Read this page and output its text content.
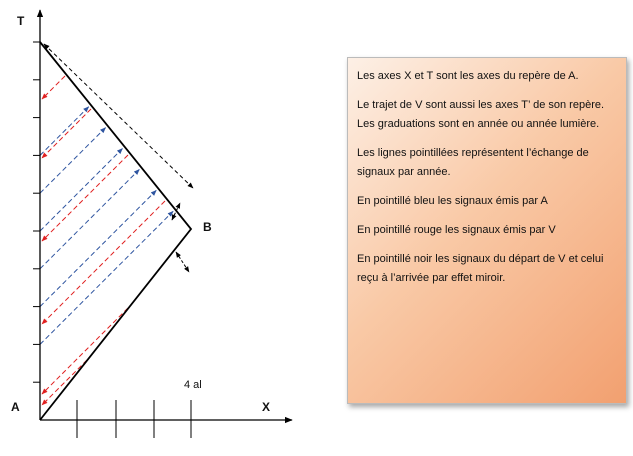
T
X
A
B
4 al

Les axes X et T sont les axes du repère de A.

Le trajet de V sont aussi les axes T’ de son repère. Les graduations sont en année ou année lumière.

Les lignes pointillées représentent l’échange de signaux par année.

En pointillé bleu les signaux émis par A

En pointillé rouge les signaux émis par V

En pointillé noir les signaux du départ de V et celui reçu à l’arrivée par effet miroir.
